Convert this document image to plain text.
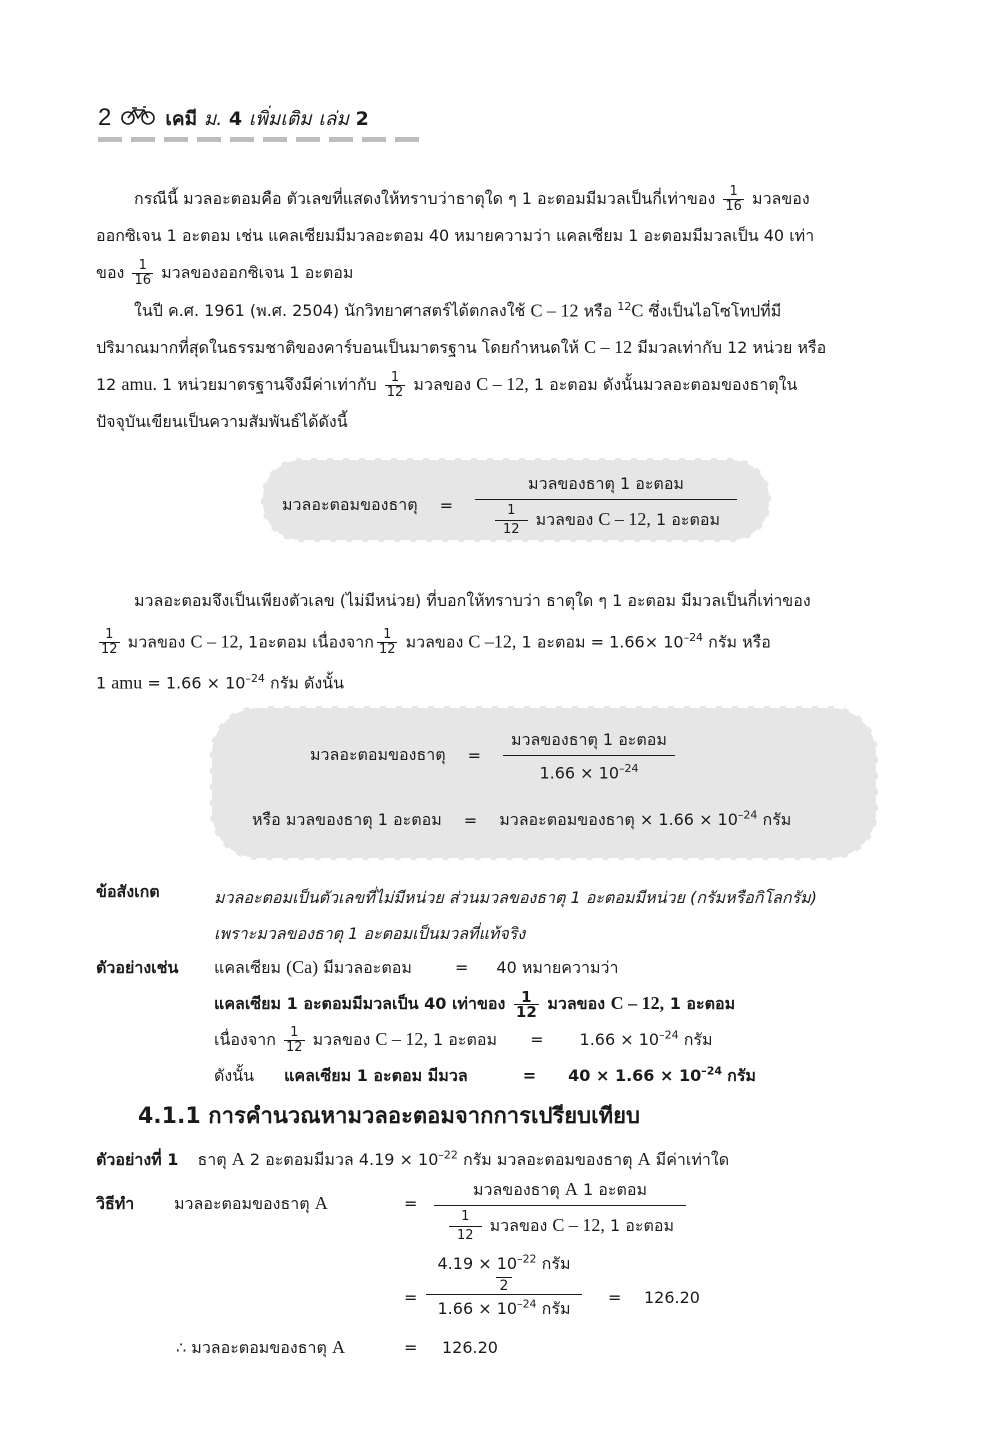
2	เคมี ม. 4 เพิ่มเติม เล่ม 2
กรณีนี้ มวลอะตอมคือ ตัวเลขที่แสดงให้ทราบว่าธาตุใด ๆ 1 อะตอมมีมวลเป็นกี่เท่าของ $\frac{1}{16}$ มวลของ
ออกซิเจน 1 อะตอม เช่น แคลเซียมมีมวลอะตอม 40 หมายความว่า แคลเซียม 1 อะตอมมีมวลเป็น 40 เท่า
ของ $\frac{1}{16}$ มวลของออกซิเจน 1 อะตอม
ในปี ค.ศ. 1961 (พ.ศ. 2504) นักวิทยาศาสตร์ได้ตกลงใช้ C – 12 หรือ $^{12}$C ซึ่งเป็นไอโซโทปที่มี
ปริมาณมากที่สุดในธรรมชาติของคาร์บอนเป็นมาตรฐาน โดยกำหนดให้ C – 12 มีมวลเท่ากับ 12 หน่วย หรือ
12 amu. 1 หน่วยมาตรฐานจึงมีค่าเท่ากับ $\frac{1}{12}$ มวลของ C – 12, 1 อะตอม ดังนั้นมวลอะตอมของธาตุใน
ปัจจุบันเขียนเป็นความสัมพันธ์ได้ดังนี้
มวลอะตอมของธาตุ = $\frac{\text{มวลของธาตุ 1 อะตอม}}{\frac{1}{12} มวลของ C - 12, 1 อะตอม}$
มวลอะตอมจึงเป็นเพียงตัวเลข (ไม่มีหน่วย) ที่บอกให้ทราบว่า ธาตุใด ๆ 1 อะตอม มีมวลเป็นกี่เท่าของ

$\frac{1}{12}$ มวลของ C – 12, 1อะตอม เนื่องจาก $\frac{1}{12}$ มวลของ C –12, 1 อะตอม = $1.66\times 10^{-24}$ กรัม หรือ
1 amu = $1.66 \times 10^{-24}$ กรัม ดังนั้น
มวลอะตอมของธาตุ = $\frac{\text{มวลของธาตุ 1 อะตอม}}{1.66 \times 10^{-24}}$
หรือ มวลของธาตุ 1 อะตอม = มวลอะตอมของธาตุ × $1.66 \times 10^{-24}$ กรัม
ข้อสังเกต	มวลอะตอมเป็นตัวเลขที่ไม่มีหน่วย ส่วนมวลของธาตุ 1 อะตอมมีหน่วย (กรัมหรือกิโลกรัม)
เพราะมวลของธาตุ 1 อะตอมเป็นมวลที่แท้จริง
ตัวอย่างเช่น แคลเซียม (Ca) มีมวลอะตอม	= 40 หมายความว่า
แคลเซียม 1 อะตอมมีมวลเป็น 40 เท่าของ $\frac{1}{12}$ มวลของ C – 12, 1 อะตอม
เนื่องจาก $\frac{1}{12}$ มวลของ C – 12, 1 อะตอม = $1.66 \times 10^{-24}$ กรัม
ดังนั้น แคลเซียม 1 อะตอม มีมวล	= $40 \times 1.66 \times 10^{-24}$ กรัม
4.1.1 การคำนวณหามวลอะตอมจากการเปรียบเทียบ
ตัวอย่างที่ 1 ธาตุ A 2 อะตอมมีมวล $4.19 \times 10^{-22}$ กรัม มวลอะตอมของธาตุ A มีค่าเท่าใด
วิธีทำ มวลอะตอมของธาตุ A	=
มวลของธาตุ A 1 อะตอม
$\frac{1}{12}$ มวลของ C – 12, 1 อะตอม
=
$4.19 \times 10^{-22}$ กรัม
2
$1.66 \times 10^{-24}$ กรัม
= 126.20
∴ มวลอะตอมของธาตุ A	= 126.20
